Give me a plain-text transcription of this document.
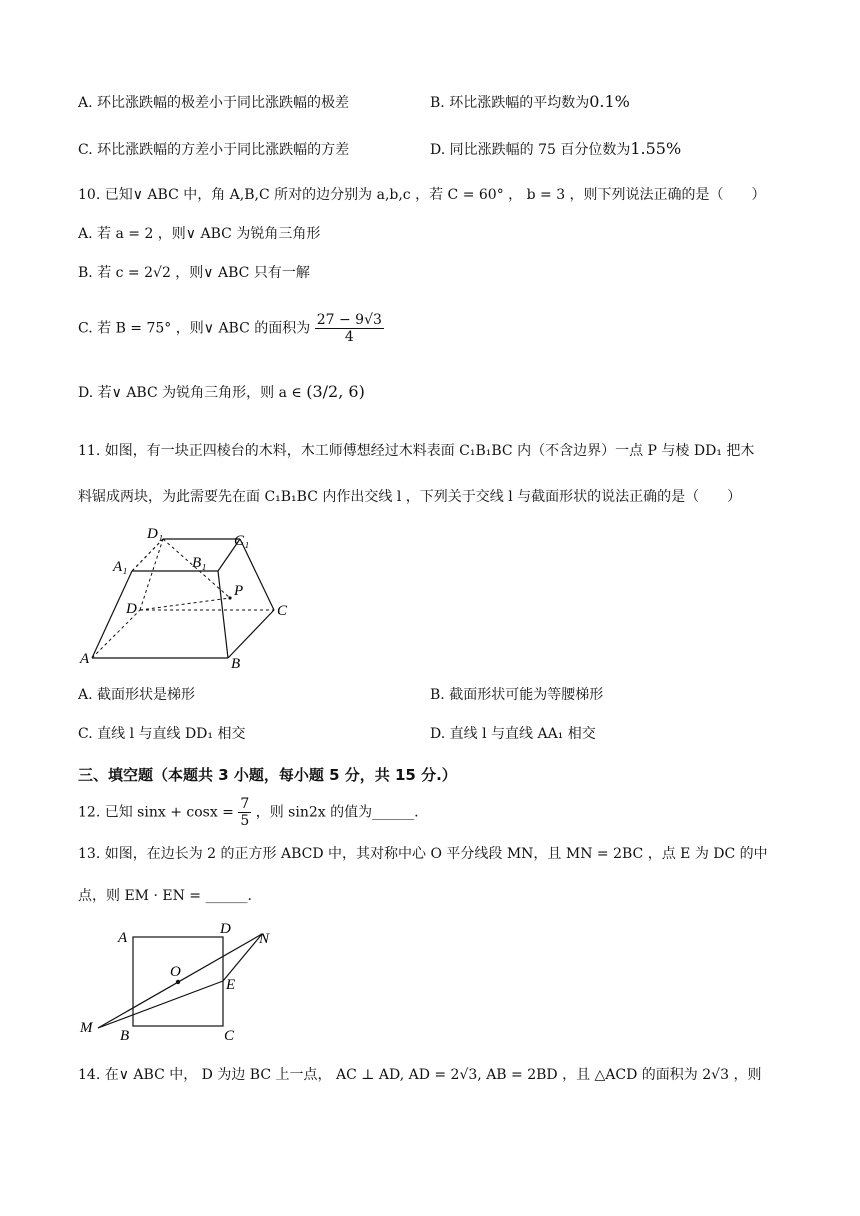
A. 环比涨跌幅的极差小于同比涨跌幅的极差	B. 环比涨跌幅的平均数为0.1%
C. 环比涨跌幅的方差小于同比涨跌幅的方差	D. 同比涨跌幅的 75 百分位数为1.55%
10. 已知∨ ABC 中，角 A,B,C 所对的边分别为 a,b,c ，若 C = 60° ， b = 3 ，则下列说法正确的是（　　）
A. 若 a = 2 ，则∨ ABC 为锐角三角形
B. 若 c = 2√2 ，则∨ ABC 只有一解
C. 若 B = 75° ，则∨ ABC 的面积为 $\frac{27 - 9√3}{4}$
D. 若∨ ABC 为锐角三角形，则 a ∈ (3/2, 6)
11. 如图，有一块正四棱台的木料，木工师傅想经过木料表面 C₁B₁BC 内（不含边界）一点 P 与棱 DD₁ 把木
料锯成两块，为此需要先在面 C₁B₁BC 内作出交线 l ，下列关于交线 l 与截面形状的说法正确的是（　　）
D₁	C₁
A₁	B₁
P
D	C
A	B
A. 截面形状是梯形	B. 截面形状可能为等腰梯形
C. 直线 l 与直线 DD₁ 相交	D. 直线 l 与直线 AA₁ 相交
三、填空题（本题共 3 小题，每小题 5 分，共 15 分.）
12. 已知 $\sin x + \cos x = \frac{7}{5}$ ，则 sin2x 的值为______.
13. 如图，在边长为 2 的正方形 ABCD 中，其对称中心 O 平分线段 MN，且 MN = 2BC ，点 E 为 DC 的中
点，则 EM · EN = ______.
A
D
N
O
E
M B	C
14. 在∨ ABC 中， D 为边 BC 上一点， AC ⊥ AD, AD = 2√3, AB = 2BD ，且 △ACD 的面积为 2√3 ，则
